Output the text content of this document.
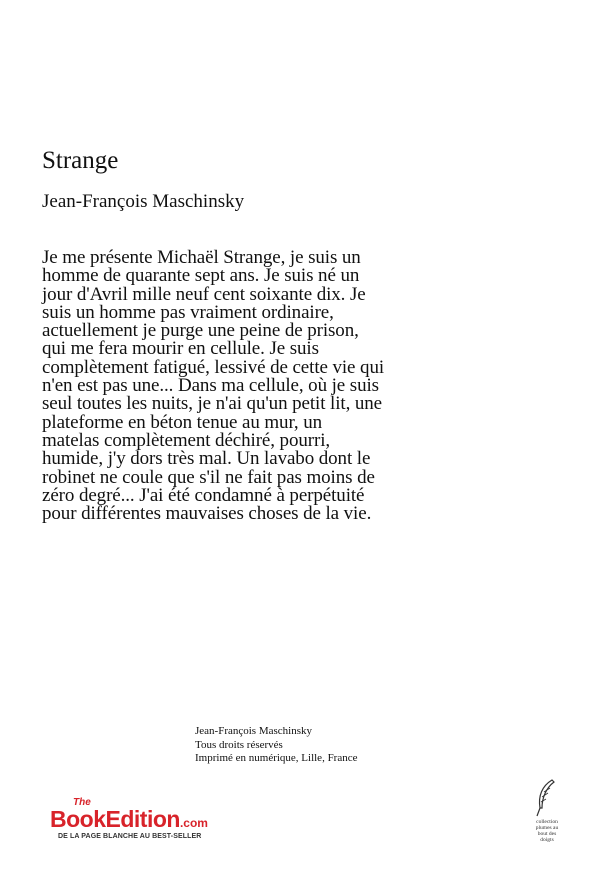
Strange

Jean-François Maschinsky

Je me présente Michaël Strange, je suis un
homme de quarante sept ans. Je suis né un
jour d'Avril mille neuf cent soixante dix. Je
suis un homme pas vraiment ordinaire,
actuellement je purge une peine de prison,
qui me fera mourir en cellule. Je suis
complètement fatigué, lessivé de cette vie qui
n'en est pas une... Dans ma cellule, où je suis
seul toutes les nuits, je n'ai qu'un petit lit, une
plateforme en béton tenue au mur, un
matelas complètement déchiré, pourri,
humide, j'y dors très mal. Un lavabo dont le
robinet ne coule que s'il ne fait pas moins de
zéro degré... J'ai été condamné à perpétuité
pour différentes mauvaises choses de la vie.

Jean-François Maschinsky
Tous droits réservés
Imprimé en numérique, Lille, France
The
BookEdition.com
DE LA PAGE BLANCHE AU BEST-SELLER
collection
plumes au
bout des
doigts
